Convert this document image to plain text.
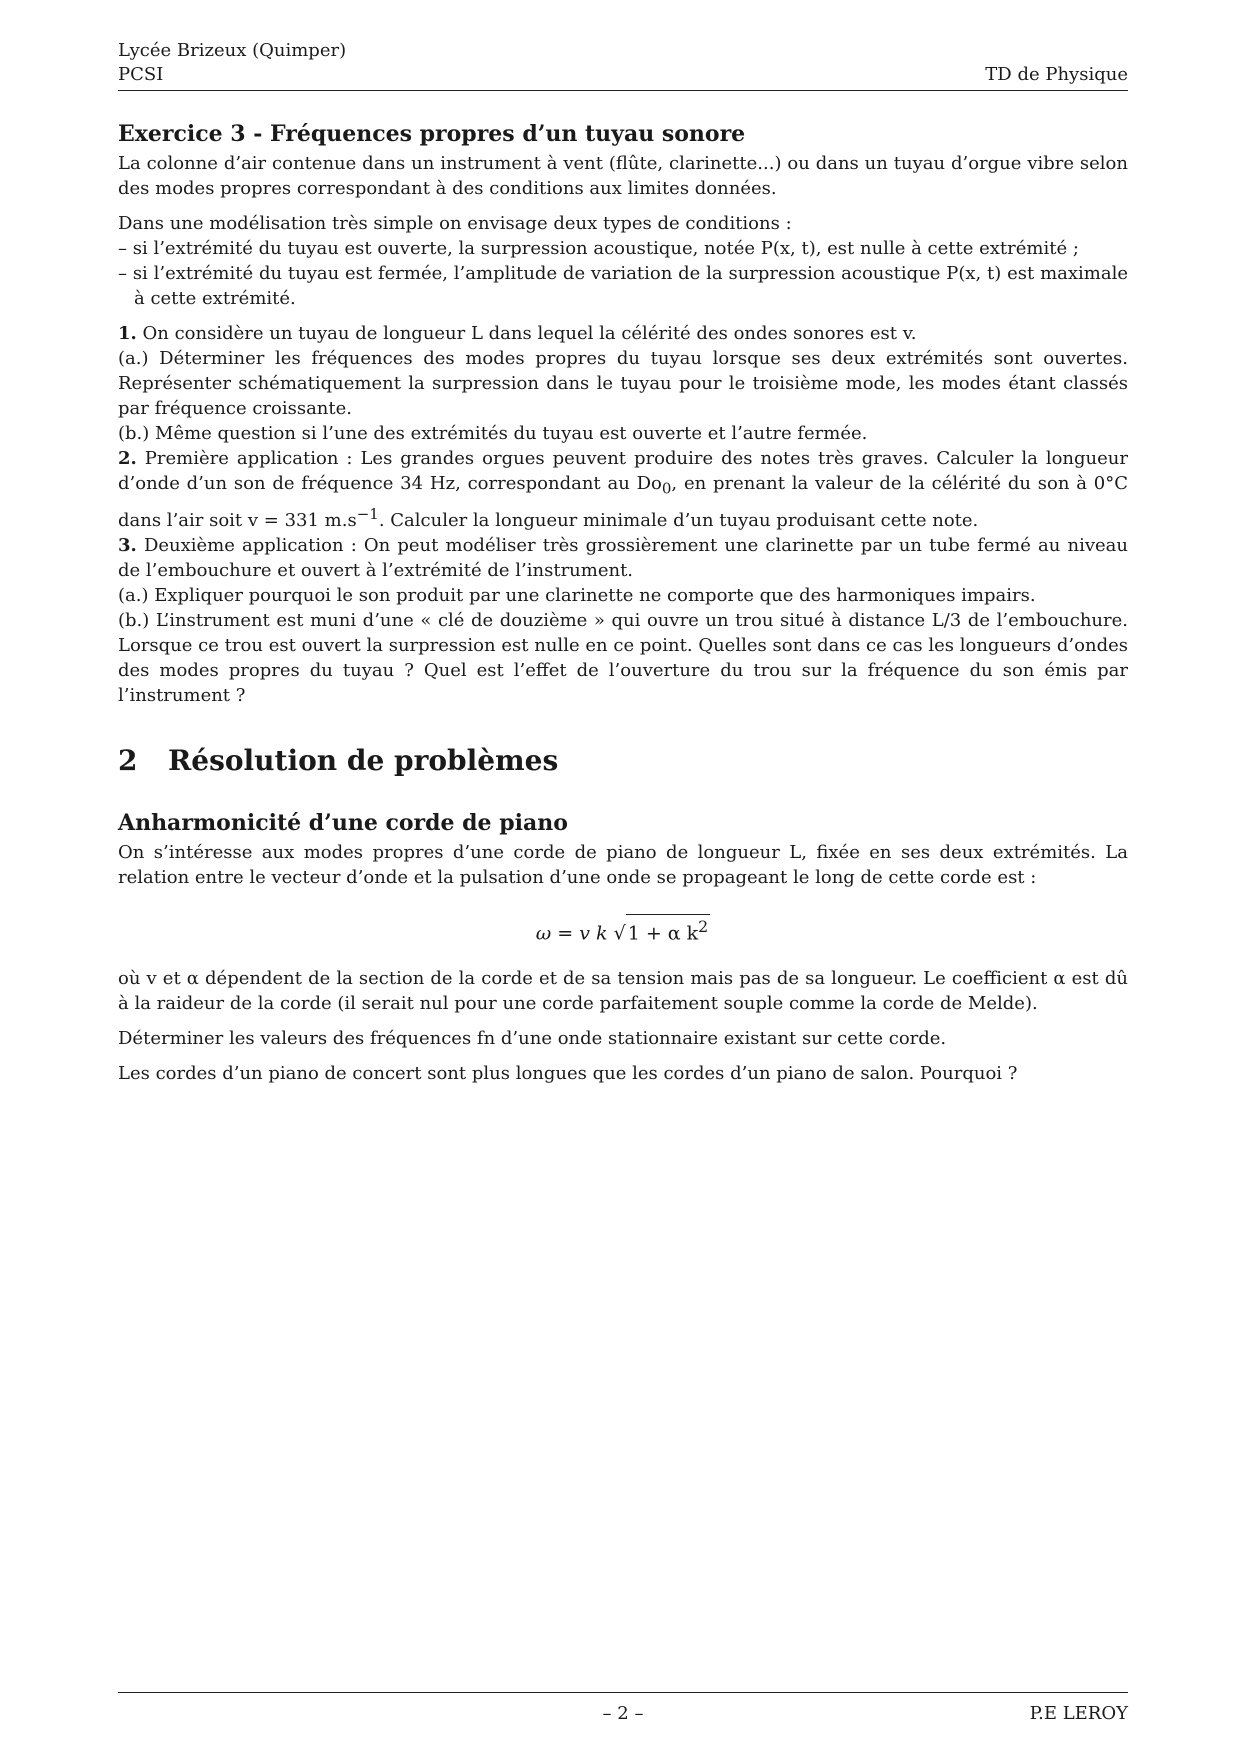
Lycée Brizeux (Quimper)
PCSI	TD de Physique
Exercice 3 - Fréquences propres d’un tuyau sonore

La colonne d’air contenue dans un instrument à vent (flûte, clarinette...) ou dans un tuyau d’orgue vibre selon des modes propres correspondant à des conditions aux limites données.

Dans une modélisation très simple on envisage deux types de conditions :

– si l’extrémité du tuyau est ouverte, la surpression acoustique, notée P(x, t), est nulle à cette extrémité ;

– si l’extrémité du tuyau est fermée, l’amplitude de variation de la surpression acoustique P(x, t) est maximale à cette extrémité.

1. On considère un tuyau de longueur L dans lequel la célérité des ondes sonores est v.

(a.) Déterminer les fréquences des modes propres du tuyau lorsque ses deux extrémités sont ouvertes. Représenter schématiquement la surpression dans le tuyau pour le troisième mode, les modes étant classés par fréquence croissante.

(b.) Même question si l’une des extrémités du tuyau est ouverte et l’autre fermée.

2. Première application : Les grandes orgues peuvent produire des notes très graves. Calculer la longueur d’onde d’un son de fréquence 34 Hz, correspondant au $Do_0$, en prenant la valeur de la célérité du son à 0°C dans l’air soit v = 331 $m.s^{-1}$. Calculer la longueur minimale d’un tuyau produisant cette note.

3. Deuxième application : On peut modéliser très grossièrement une clarinette par un tube fermé au niveau de l’embouchure et ouvert à l’extrémité de l’instrument.

(a.) Expliquer pourquoi le son produit par une clarinette ne comporte que des harmoniques impairs.

(b.) L’instrument est muni d’une « clé de douzième » qui ouvre un trou situé à distance L/3 de l’embouchure. Lorsque ce trou est ouvert la surpression est nulle en ce point. Quelles sont dans ce cas les longueurs d’ondes des modes propres du tuyau ? Quel est l’effet de l’ouverture du trou sur la fréquence du son émis par l’instrument ?

2 Résolution de problèmes
Anharmonicité d’une corde de piano

On s’intéresse aux modes propres d’une corde de piano de longueur L, fixée en ses deux extrémités. La relation entre le vecteur d’onde et la pulsation d’une onde se propageant le long de cette corde est :

ω = v k √ 1 + α $k^2$

où v et α dépendent de la section de la corde et de sa tension mais pas de sa longueur. Le coefficient α est dû à la raideur de la corde (il serait nul pour une corde parfaitement souple comme la corde de Melde).

Déterminer les valeurs des fréquences fn d’une onde stationnaire existant sur cette corde.

Les cordes d’un piano de concert sont plus longues que les cordes d’un piano de salon. Pourquoi ?

– 2 –	P.E LEROY
